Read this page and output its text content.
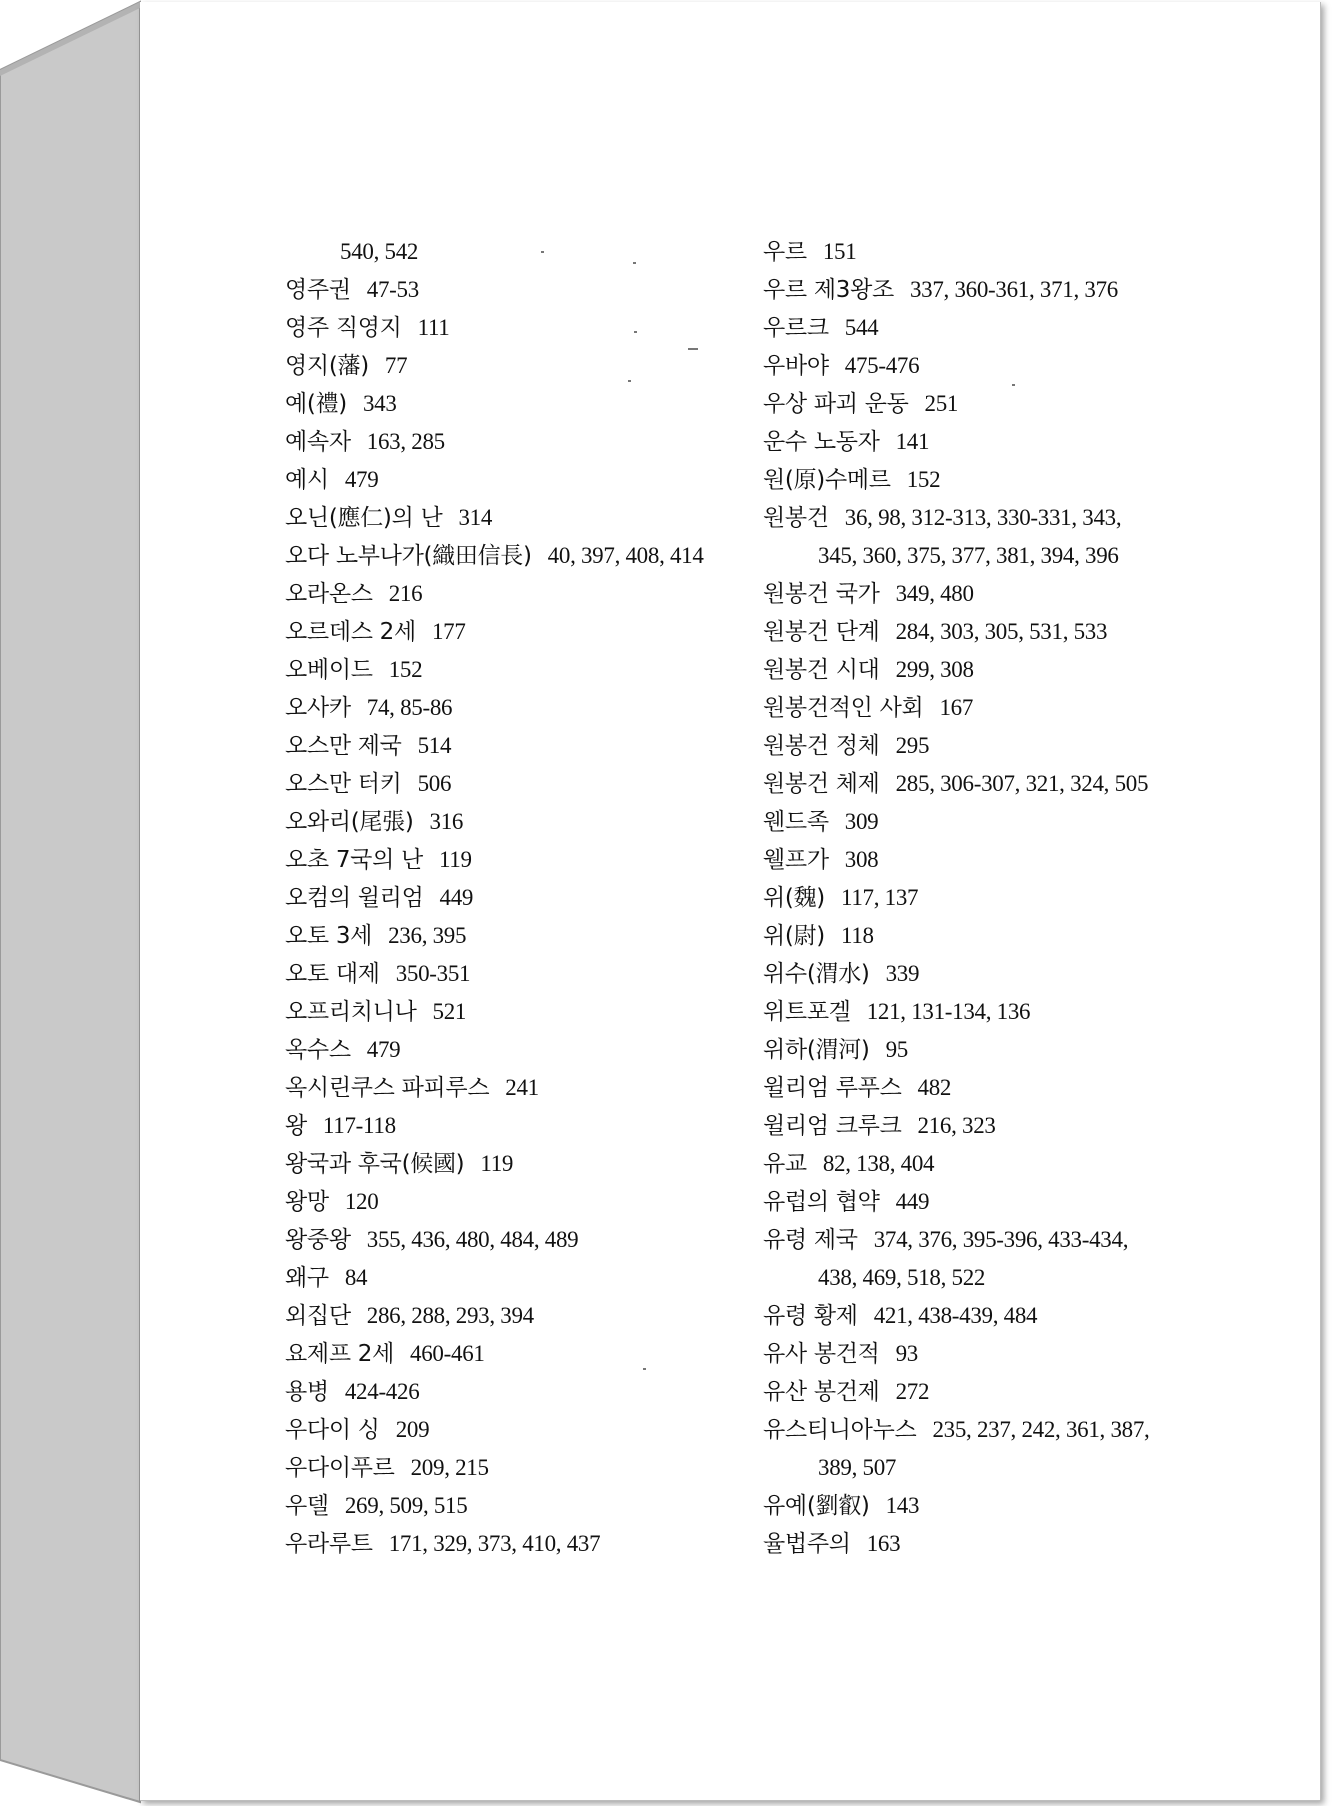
540, 542
영주권 47-53
영주 직영지 111
영지(藩) 77
예(禮) 343
예속자 163, 285
예시 479
오닌(應仁)의 난 314
오다 노부나가(織田信長) 40, 397, 408, 414
오라온스 216
오르데스 2세 177
오베이드 152
오사카 74, 85-86
오스만 제국 514
오스만 터키 506
오와리(尾張) 316
오초 7국의 난 119
오컴의 윌리엄 449
오토 3세 236, 395
오토 대제 350-351
오프리치니나 521
옥수스 479
옥시린쿠스 파피루스 241
왕 117-118
왕국과 후국(候國) 119
왕망 120
왕중왕 355, 436, 480, 484, 489
왜구 84
외집단 286, 288, 293, 394
요제프 2세 460-461
용병 424-426
우다이 싱 209
우다이푸르 209, 215
우델 269, 509, 515
우라루트 171, 329, 373, 410, 437
우르 151
우르 제3왕조 337, 360-361, 371, 376
우르크 544
우바야 475-476
우상 파괴 운동 251
운수 노동자 141
원(原)수메르 152
원봉건 36, 98, 312-313, 330-331, 343,
345, 360, 375, 377, 381, 394, 396
원봉건 국가 349, 480
원봉건 단계 284, 303, 305, 531, 533
원봉건 시대 299, 308
원봉건적인 사회 167
원봉건 정체 295
원봉건 체제 285, 306-307, 321, 324, 505
웬드족 309
웰프가 308
위(魏) 117, 137
위(尉) 118
위수(渭水) 339
위트포겔 121, 131-134, 136
위하(渭河) 95
윌리엄 루푸스 482
윌리엄 크루크 216, 323
유교 82, 138, 404
유럽의 협약 449
유령 제국 374, 376, 395-396, 433-434,
438, 469, 518, 522
유령 황제 421, 438-439, 484
유사 봉건적 93
유산 봉건제 272
유스티니아누스 235, 237, 242, 361, 387,
389, 507
유예(劉叡) 143
율법주의 163
